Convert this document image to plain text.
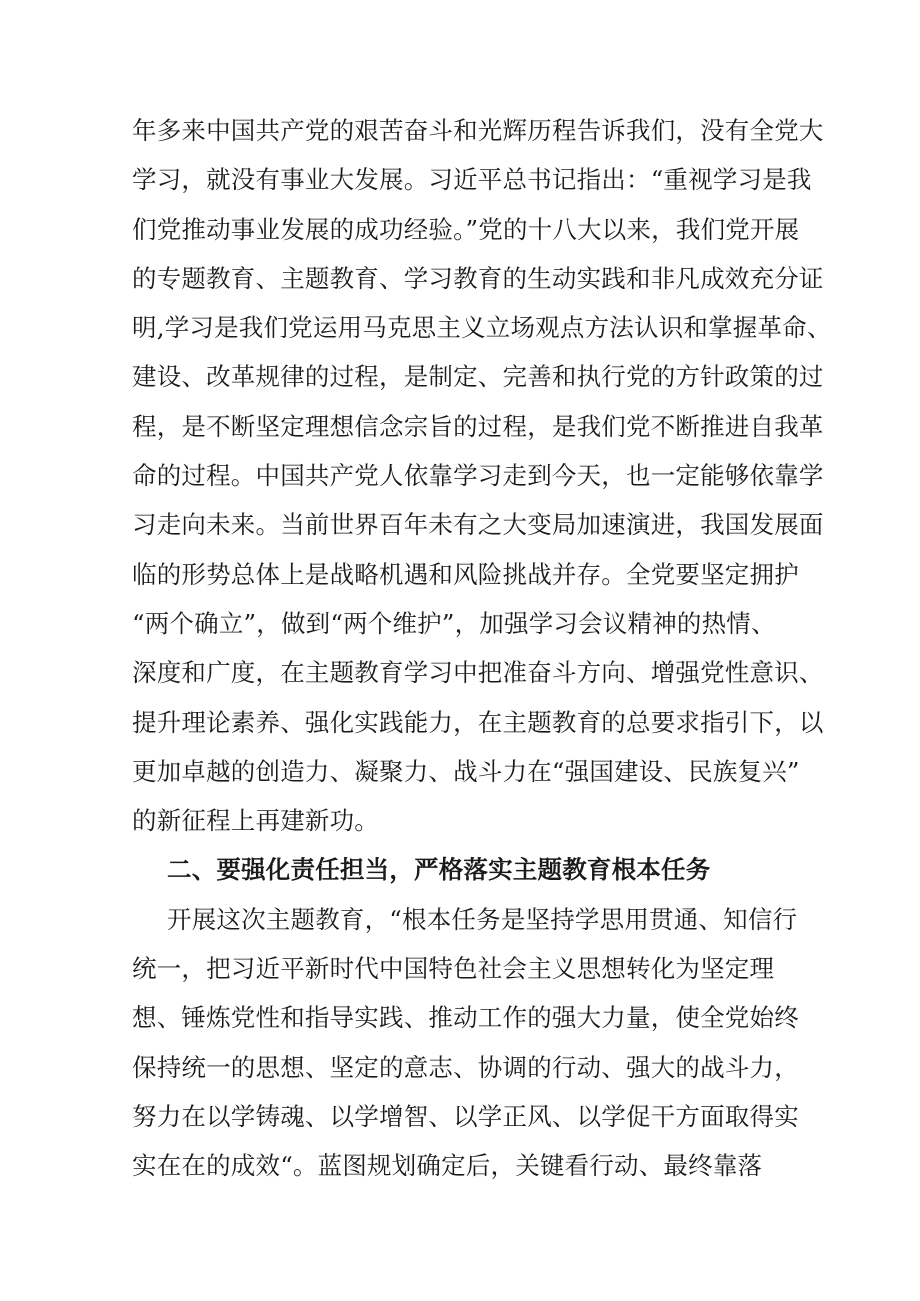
年多来中国共产党的艰苦奋斗和光辉历程告诉我们，没有全党大
学习，就没有事业大发展。习近平总书记指出：“重视学习是我
们党推动事业发展的成功经验。”党的十八大以来，我们党开展
的专题教育、主题教育、学习教育的生动实践和非凡成效充分证
明,学习是我们党运用马克思主义立场观点方法认识和掌握革命、
建设、改革规律的过程，是制定、完善和执行党的方针政策的过
程，是不断坚定理想信念宗旨的过程，是我们党不断推进自我革
命的过程。中国共产党人依靠学习走到今天，也一定能够依靠学
习走向未来。当前世界百年未有之大变局加速演进，我国发展面
临的形势总体上是战略机遇和风险挑战并存。全党要坚定拥护
“两个确立”，做到“两个维护”，加强学习会议精神的热情、
深度和广度，在主题教育学习中把准奋斗方向、增强党性意识、
提升理论素养、强化实践能力，在主题教育的总要求指引下，以
更加卓越的创造力、凝聚力、战斗力在“强国建设、民族复兴”
的新征程上再建新功。
二、要强化责任担当，严格落实主题教育根本任务
开展这次主题教育，“根本任务是坚持学思用贯通、知信行
统一，把习近平新时代中国特色社会主义思想转化为坚定理
想、锤炼党性和指导实践、推动工作的强大力量，使全党始终
保持统一的思想、坚定的意志、协调的行动、强大的战斗力，
努力在以学铸魂、以学增智、以学正风、以学促干方面取得实
实在在的成效“。蓝图规划确定后，关键看行动、最终靠落
